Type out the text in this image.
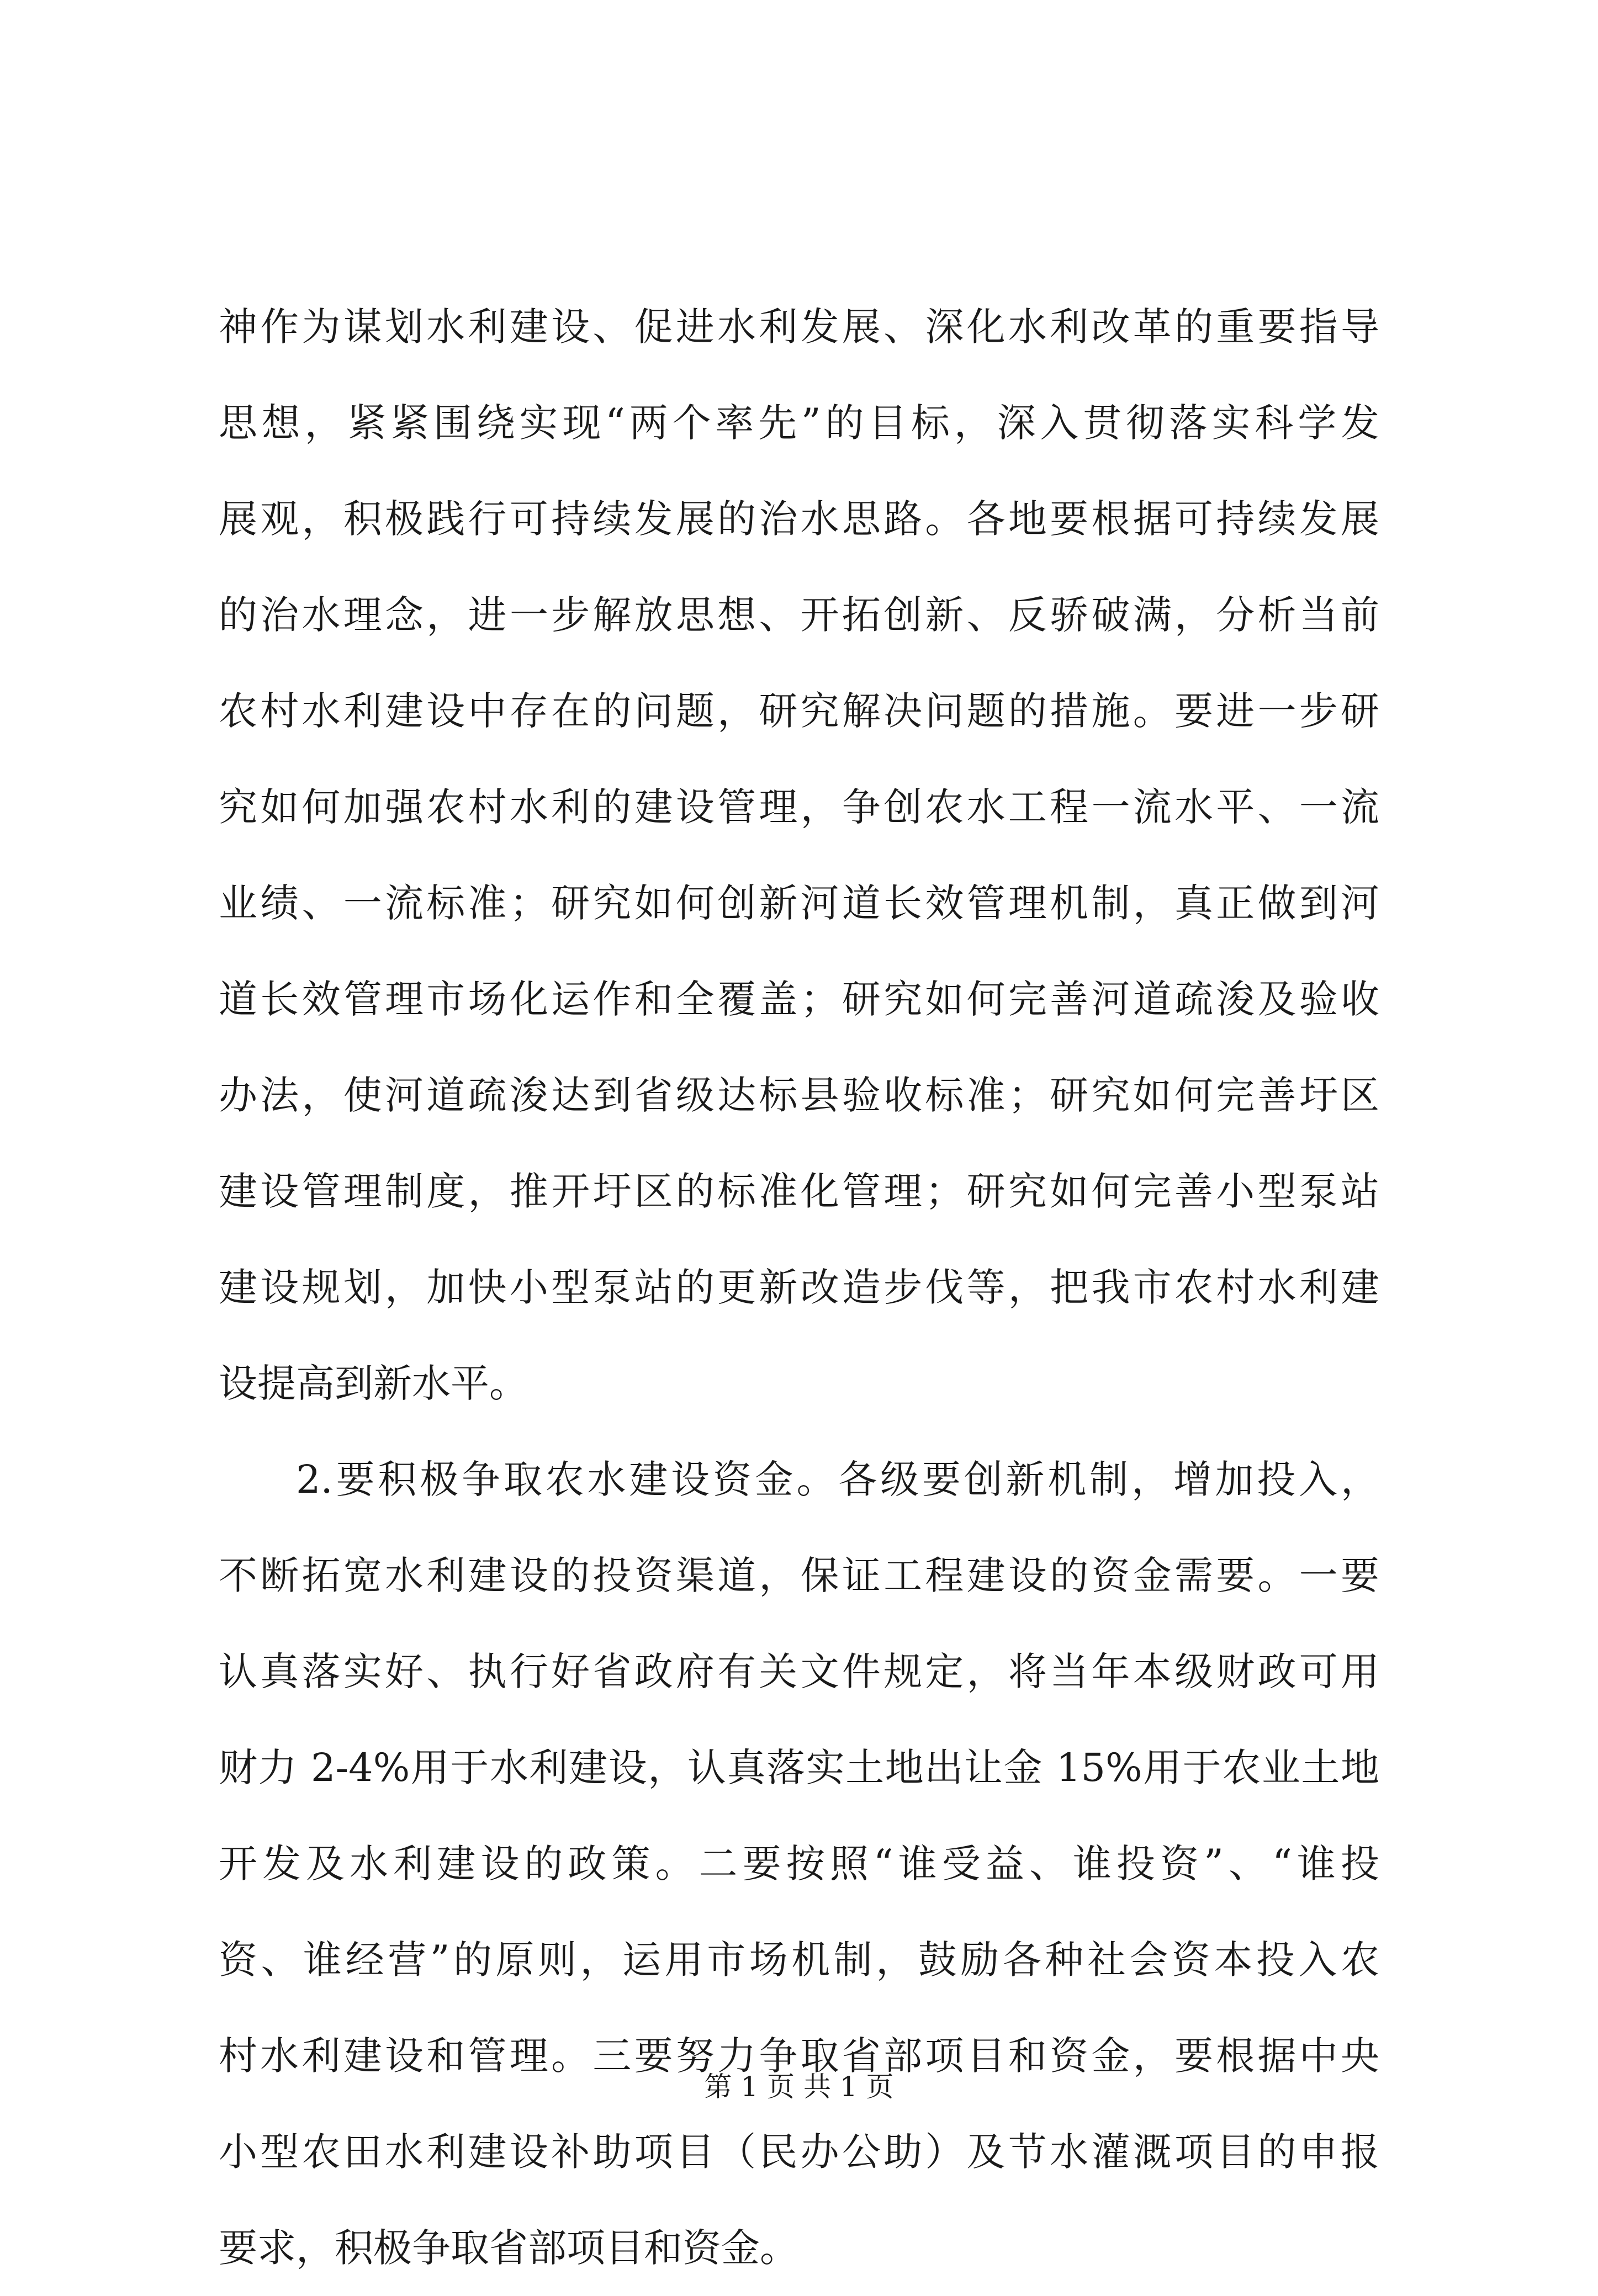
神作为谋划水利建设、促进水利发展、深化水利改革的重要指导
思想，紧紧围绕实现“两个率先”的目标，深入贯彻落实科学发
展观，积极践行可持续发展的治水思路。各地要根据可持续发展
的治水理念，进一步解放思想、开拓创新、反骄破满，分析当前
农村水利建设中存在的问题，研究解决问题的措施。要进一步研
究如何加强农村水利的建设管理，争创农水工程一流水平、一流
业绩、一流标准；研究如何创新河道长效管理机制，真正做到河
道长效管理市场化运作和全覆盖；研究如何完善河道疏浚及验收
办法，使河道疏浚达到省级达标县验收标准；研究如何完善圩区
建设管理制度，推开圩区的标准化管理；研究如何完善小型泵站
建设规划，加快小型泵站的更新改造步伐等，把我市农村水利建
设提高到新水平。
2.要积极争取农水建设资金。各级要创新机制，增加投入，
不断拓宽水利建设的投资渠道，保证工程建设的资金需要。一要
认真落实好、执行好省政府有关文件规定，将当年本级财政可用
财力 2-4%用于水利建设，认真落实土地出让金 15%用于农业土地
开发及水利建设的政策。二要按照“谁受益、谁投资”、“谁投
资、谁经营”的原则，运用市场机制，鼓励各种社会资本投入农
村水利建设和管理。三要努力争取省部项目和资金，要根据中央
小型农田水利建设补助项目（民办公助）及节水灌溉项目的申报
要求，积极争取省部项目和资金。
第 1 页 共 1 页
